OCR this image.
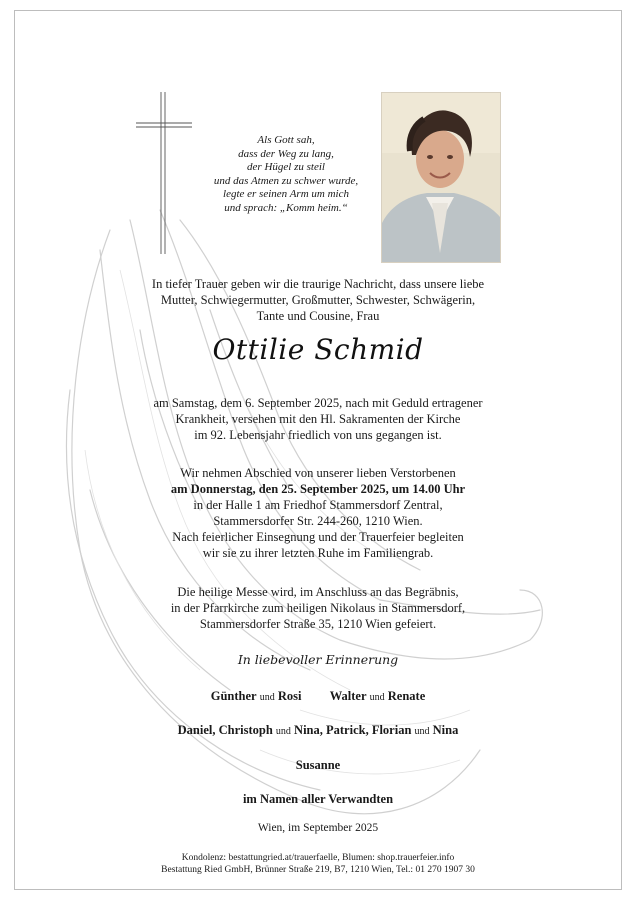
Als Gott sah,
dass der Weg zu lang,
der Hügel zu steil
und das Atmen zu schwer wurde,
legte er seinen Arm um mich
und sprach: „Komm heim.“
In tiefer Trauer geben wir die traurige Nachricht, dass unsere liebe
Mutter, Schwiegermutter, Großmutter, Schwester, Schwägerin,
Tante und Cousine, Frau
Ottilie Schmid
am Samstag, dem 6. September 2025, nach mit Geduld ertragener
Krankheit, versehen mit den Hl. Sakramenten der Kirche
im 92. Lebensjahr friedlich von uns gegangen ist.
Wir nehmen Abschied von unserer lieben Verstorbenen
am Donnerstag, den 25. September 2025, um 14.00 Uhr
in der Halle 1 am Friedhof Stammersdorf Zentral,
Stammersdorfer Str. 244-260, 1210 Wien.
Nach feierlicher Einsegnung und der Trauerfeier begleiten
wir sie zu ihrer letzten Ruhe im Familiengrab.
Die heilige Messe wird, im Anschluss an das Begräbnis,
in der Pfarrkirche zum heiligen Nikolaus in Stammersdorf,
Stammersdorfer Straße 35, 1210 Wien gefeiert.
In liebevoller Erinnerung
Günther und Rosi Walter und Renate
Daniel, Christoph und Nina, Patrick, Florian und Nina
Susanne
im Namen aller Verwandten
Wien, im September 2025
Kondolenz: bestattungried.at/trauerfaelle, Blumen: shop.trauerfeier.info
Bestattung Ried GmbH, Brünner Straße 219, B7, 1210 Wien, Tel.: 01 270 1907 30
